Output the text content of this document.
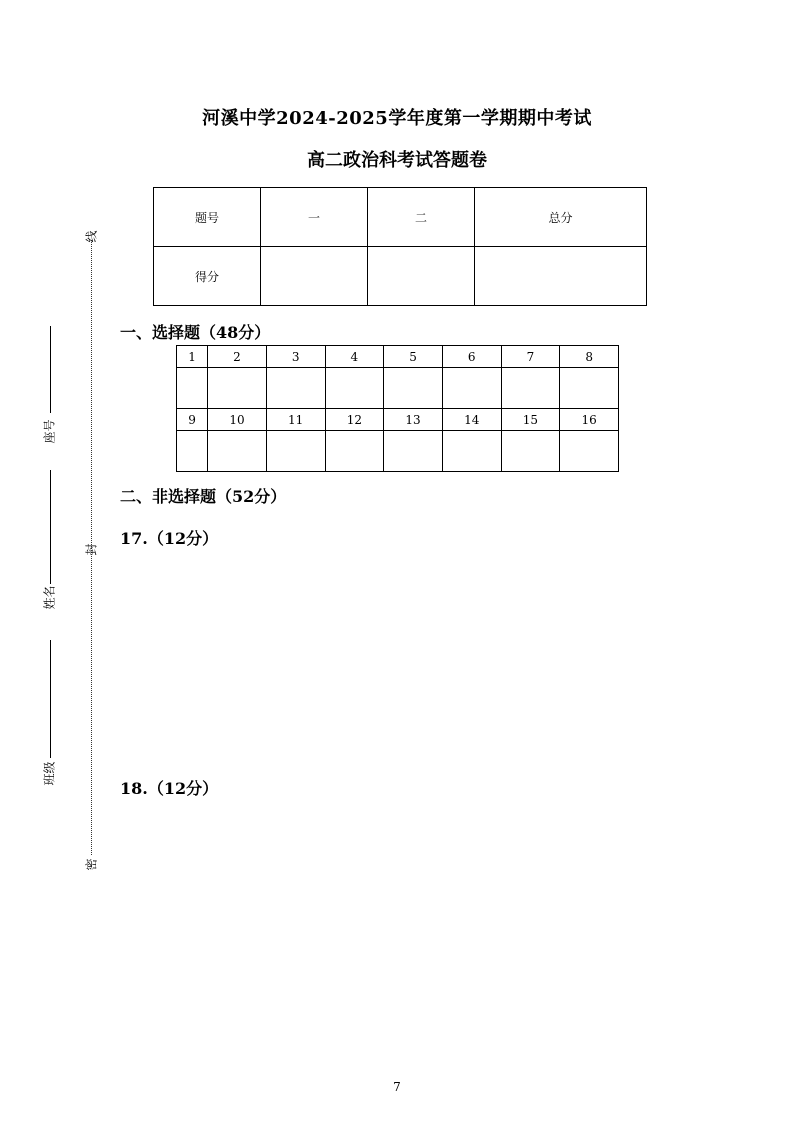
线
封
密
座号
姓名
班级
河溪中学2024-2025学年度第一学期期中考试
高二政治科考试答题卷
题号	一	二	总分
得分			
一、选择题（48分）
1	2	3	4	5	6	7	8

9	10	11	12	13	14	15	16

二、非选择题（52分）
17.（12分）
18.（12分）
7
